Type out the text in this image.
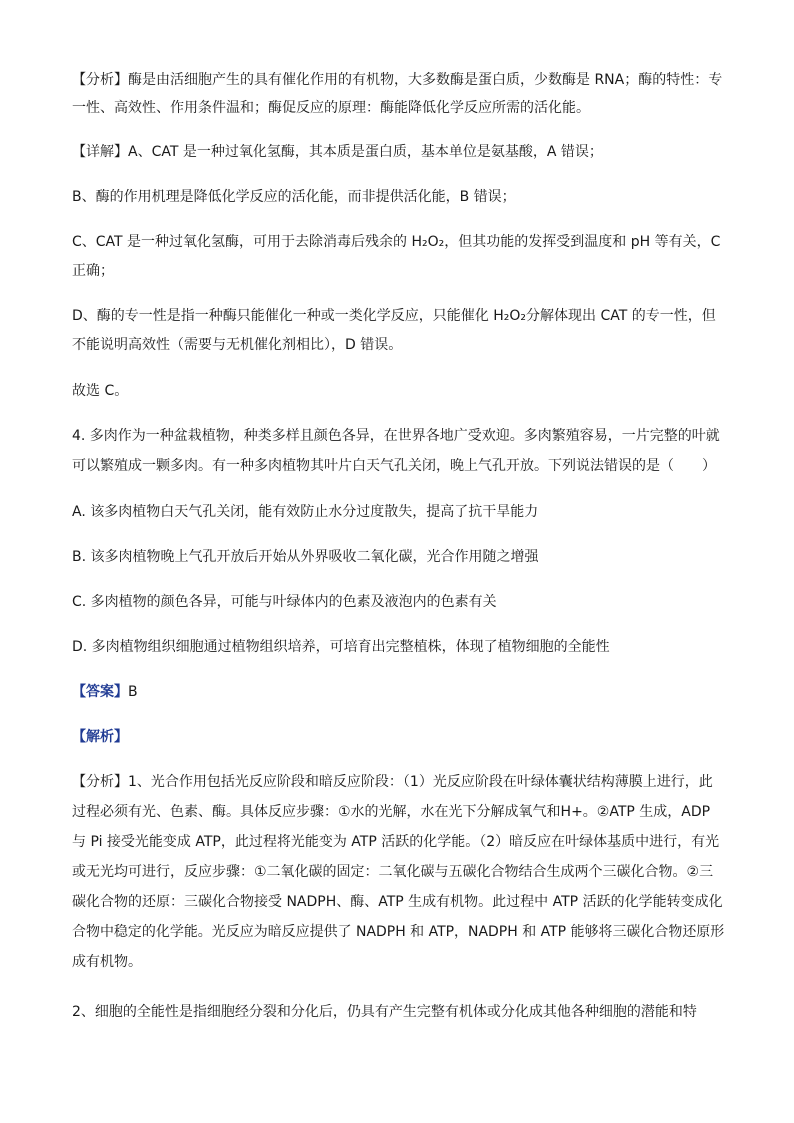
【分析】酶是由活细胞产生的具有催化作用的有机物，大多数酶是蛋白质，少数酶是 RNA；酶的特性：专
一性、高效性、作用条件温和；酶促反应的原理：酶能降低化学反应所需的活化能。
【详解】A、CAT 是一种过氧化氢酶，其本质是蛋白质，基本单位是氨基酸，A 错误；
B、酶的作用机理是降低化学反应的活化能，而非提供活化能，B 错误；
C、CAT 是一种过氧化氢酶，可用于去除消毒后残余的 H₂O₂，但其功能的发挥受到温度和 pH 等有关，C
正确；
D、酶的专一性是指一种酶只能催化一种或一类化学反应，只能催化 H₂O₂分解体现出 CAT 的专一性，但
不能说明高效性（需要与无机催化剂相比），D 错误。
故选 C。
4. 多肉作为一种盆栽植物，种类多样且颜色各异，在世界各地广受欢迎。多肉繁殖容易，一片完整的叶就
可以繁殖成一颗多肉。有一种多肉植物其叶片白天气孔关闭，晚上气孔开放。下列说法错误的是（　　）
A. 该多肉植物白天气孔关闭，能有效防止水分过度散失，提高了抗干旱能力
B. 该多肉植物晚上气孔开放后开始从外界吸收二氧化碳，光合作用随之增强
C. 多肉植物的颜色各异，可能与叶绿体内的色素及液泡内的色素有关
D. 多肉植物组织细胞通过植物组织培养，可培育出完整植株，体现了植物细胞的全能性
【答案】B
【解析】
【分析】1、光合作用包括光反应阶段和暗反应阶段：（1）光反应阶段在叶绿体囊状结构薄膜上进行，此
过程必须有光、色素、酶。具体反应步骤：①水的光解，水在光下分解成氧气和H+。②ATP 生成，ADP
与 Pi 接受光能变成 ATP，此过程将光能变为 ATP 活跃的化学能。（2）暗反应在叶绿体基质中进行，有光
或无光均可进行，反应步骤：①二氧化碳的固定：二氧化碳与五碳化合物结合生成两个三碳化合物。②三
碳化合物的还原：三碳化合物接受 NADPH、酶、ATP 生成有机物。此过程中 ATP 活跃的化学能转变成化
合物中稳定的化学能。光反应为暗反应提供了 NADPH 和 ATP，NADPH 和 ATP 能够将三碳化合物还原形
成有机物。
2、细胞的全能性是指细胞经分裂和分化后，仍具有产生完整有机体或分化成其他各种细胞的潜能和特
